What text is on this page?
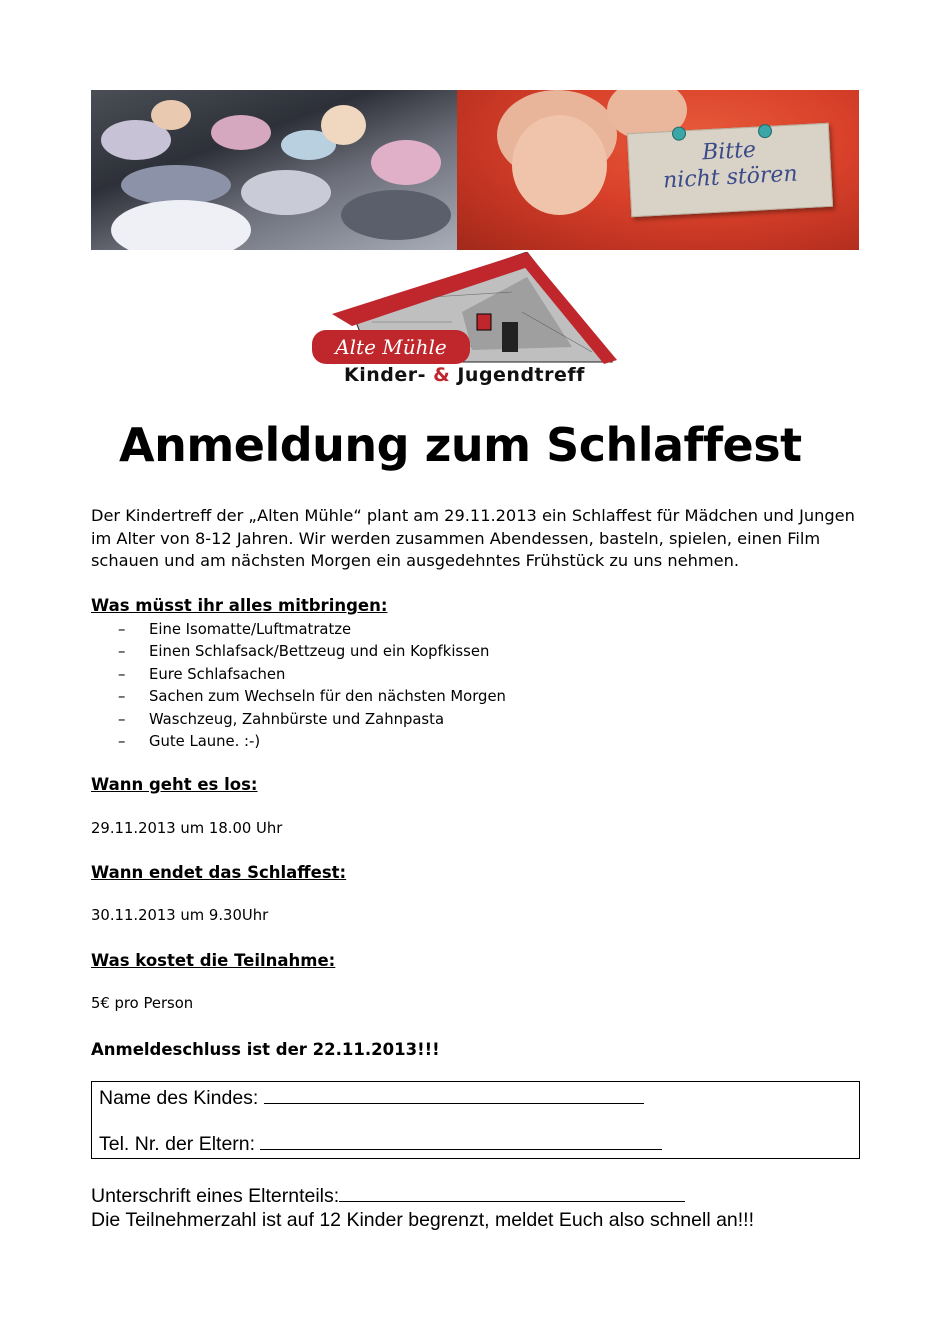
Bitte
nicht stören
Alte Mühle
Kinder- & Jugendtreff
Anmeldung zum Schlaffest
Der Kindertreff der „Alten Mühle“ plant am 29.11.2013 ein Schlaffest für Mädchen und Jungen im Alter von 8-12 Jahren. Wir werden zusammen Abendessen, basteln, spielen, einen Film schauen und am nächsten Morgen ein ausgedehntes Frühstück zu uns nehmen.
Was müsst ihr alles mitbringen:
– Eine Isomatte/Luftmatratze
– Einen Schlafsack/Bettzeug und ein Kopfkissen
– Eure Schlafsachen
– Sachen zum Wechseln für den nächsten Morgen
– Waschzeug, Zahnbürste und Zahnpasta
– Gute Laune. :-)
Wann geht es los:
29.11.2013 um 18.00 Uhr
Wann endet das Schlaffest:
30.11.2013 um 9.30Uhr
Was kostet die Teilnahme:
5€ pro Person
Anmeldeschluss ist der 22.11.2013!!!
Name des Kindes:
Tel. Nr. der Eltern:
Unterschrift eines Elternteils:
Die Teilnehmerzahl ist auf 12 Kinder begrenzt, meldet Euch also schnell an!!!
